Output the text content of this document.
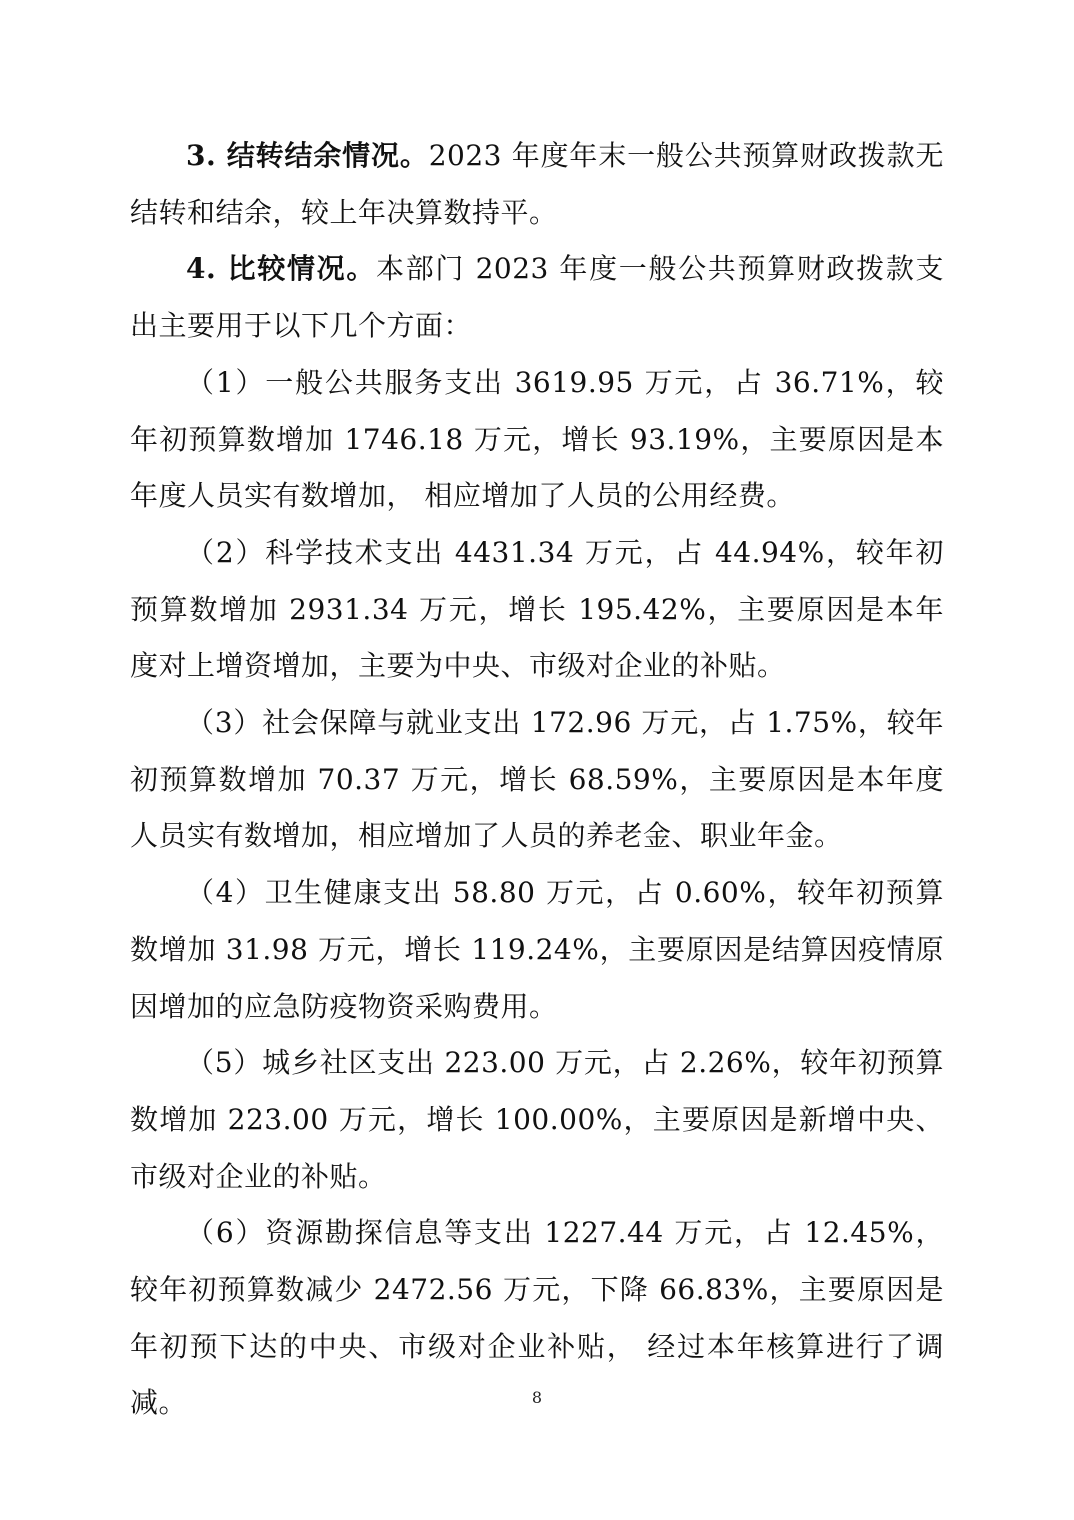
3. 结转结余情况。2023 年度年末一般公共预算财政拨款无结转和结余，较上年决算数持平。

4. 比较情况。本部门 2023 年度一般公共预算财政拨款支出主要用于以下几个方面：

（1）一般公共服务支出 3619.95 万元，占 36.71%，较年初预算数增加 1746.18 万元，增长 93.19%，主要原因是本年度人员实有数增加， 相应增加了人员的公用经费。

（2）科学技术支出 4431.34 万元，占 44.94%，较年初预算数增加 2931.34 万元，增长 195.42%，主要原因是本年度对上增资增加，主要为中央、市级对企业的补贴。

（3）社会保障与就业支出 172.96 万元，占 1.75%，较年初预算数增加 70.37 万元，增长 68.59%，主要原因是本年度人员实有数增加，相应增加了人员的养老金、职业年金。

（4）卫生健康支出 58.80 万元，占 0.60%，较年初预算数增加 31.98 万元，增长 119.24%，主要原因是结算因疫情原因增加的应急防疫物资采购费用。

（5）城乡社区支出 223.00 万元，占 2.26%，较年初预算数增加 223.00 万元，增长 100.00%，主要原因是新增中央、市级对企业的补贴。

（6）资源勘探信息等支出 1227.44 万元，占 12.45%，较年初预算数减少 2472.56 万元，下降 66.83%，主要原因是年初预下达的中央、市级对企业补贴， 经过本年核算进行了调减。	8
